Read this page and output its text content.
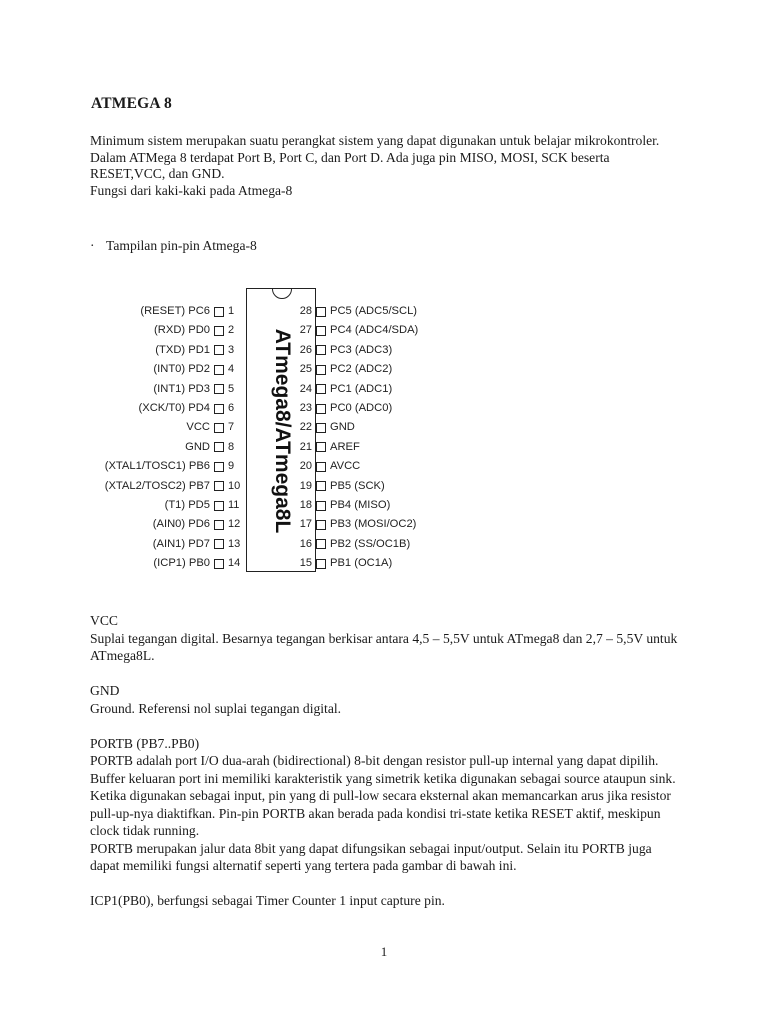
ATMEGA 8
Minimum sistem merupakan suatu perangkat sistem yang dapat digunakan untuk belajar mikrokontroler.
Dalam ATMega 8 terdapat Port B, Port C, dan Port D. Ada juga pin MISO, MOSI, SCK beserta
RESET,VCC, dan GND.
Fungsi dari kaki-kaki pada Atmega-8
· Tampilan pin-pin Atmega-8
ATmega8/ATmega8L
(RESET) PC6 1
(RXD) PD0 2
(TXD) PD1 3
(INT0) PD2 4
(INT1) PD3 5
(XCK/T0) PD4 6
VCC 7
GND 8
(XTAL1/TOSC1) PB6 9
(XTAL2/TOSC2) PB7 10
(T1) PD5 11
(AIN0) PD6 12
(AIN1) PD7 13
(ICP1) PB0 14
28 PC5 (ADC5/SCL)
27 PC4 (ADC4/SDA)
26 PC3 (ADC3)
25 PC2 (ADC2)
24 PC1 (ADC1)
23 PC0 (ADC0)
22 GND
21 AREF
20 AVCC
19 PB5 (SCK)
18 PB4 (MISO)
17 PB3 (MOSI/OC2)
16 PB2 (SS/OC1B)
15 PB1 (OC1A)
VCC
Suplai tegangan digital. Besarnya tegangan berkisar antara 4,5 – 5,5V untuk ATmega8 dan 2,7 – 5,5V untuk
ATmega8L.
GND
Ground. Referensi nol suplai tegangan digital.
PORTB (PB7..PB0)
PORTB adalah port I/O dua-arah (bidirectional) 8-bit dengan resistor pull-up internal yang dapat dipilih.
Buffer keluaran port ini memiliki karakteristik yang simetrik ketika digunakan sebagai source ataupun sink.
Ketika digunakan sebagai input, pin yang di pull-low secara eksternal akan memancarkan arus jika resistor
pull-up-nya diaktifkan. Pin-pin PORTB akan berada pada kondisi tri-state ketika RESET aktif, meskipun
clock tidak running.
PORTB merupakan jalur data 8bit yang dapat difungsikan sebagai input/output. Selain itu PORTB juga
dapat memiliki fungsi alternatif seperti yang tertera pada gambar di bawah ini.
ICP1(PB0), berfungsi sebagai Timer Counter 1 input capture pin.
1
